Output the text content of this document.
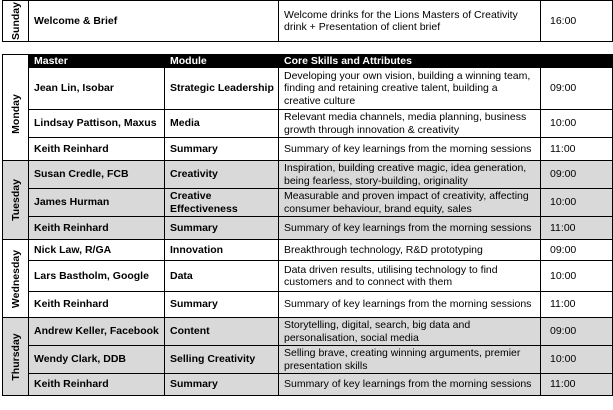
Sunday	Welcome & Brief		Welcome drinks for the Lions Masters of Creativity drink + Presentation of client brief	16:00

	Master	Module	Core Skills and Attributes	

Monday	Jean Lin, Isobar	Strategic Leadership	Developing your own vision, building a winning team, finding and retaining creative talent, building a creative culture	09:00
	Lindsay Pattison, Maxus	Media	Relevant media channels, media planning, business growth through innovation & creativity	10:00
	Keith Reinhard	Summary	Summary of key learnings from the morning sessions	11:00

Tuesday	Susan Credle, FCB	Creativity	Inspiration, building creative magic, idea generation, being fearless, story-building, originality	09:00
	James Hurman	Creative Effectiveness	Measurable and proven impact of creativity, affecting consumer behaviour, brand equity, sales	10:00
	Keith Reinhard	Summary	Summary of key learnings from the morning sessions	11:00

Wednesday	Nick Law, R/GA	Innovation	Breakthrough technology, R&D prototyping	09:00
	Lars Bastholm, Google	Data	Data driven results, utilising technology to find customers and to connect with them	10:00
	Keith Reinhard	Summary	Summary of key learnings from the morning sessions	11:00

Thursday	Andrew Keller, Facebook	Content	Storytelling, digital, search, big data and personalisation, social media	09:00
	Wendy Clark, DDB	Selling Creativity	Selling brave, creating winning arguments, premier presentation skills	10:00
	Keith Reinhard	Summary	Summary of key learnings from the morning sessions	11:00
